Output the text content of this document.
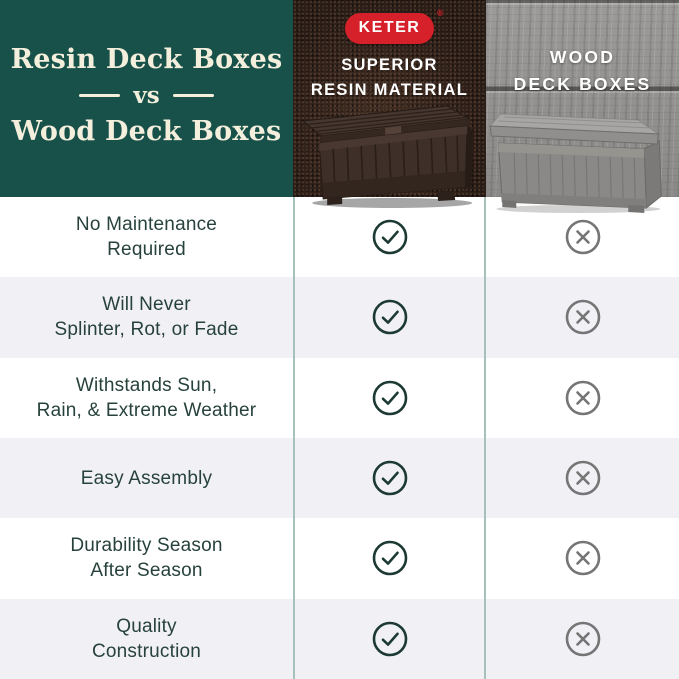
Resin Deck Boxes
vs
Wood Deck Boxes
KETER
®
SUPERIOR
RESIN MATERIAL
WOOD
DECK BOXES
No Maintenance
Required
Will Never
Splinter, Rot, or Fade
Withstands Sun,
Rain, & Extreme Weather
Easy Assembly
Durability Season
After Season
Quality
Construction
